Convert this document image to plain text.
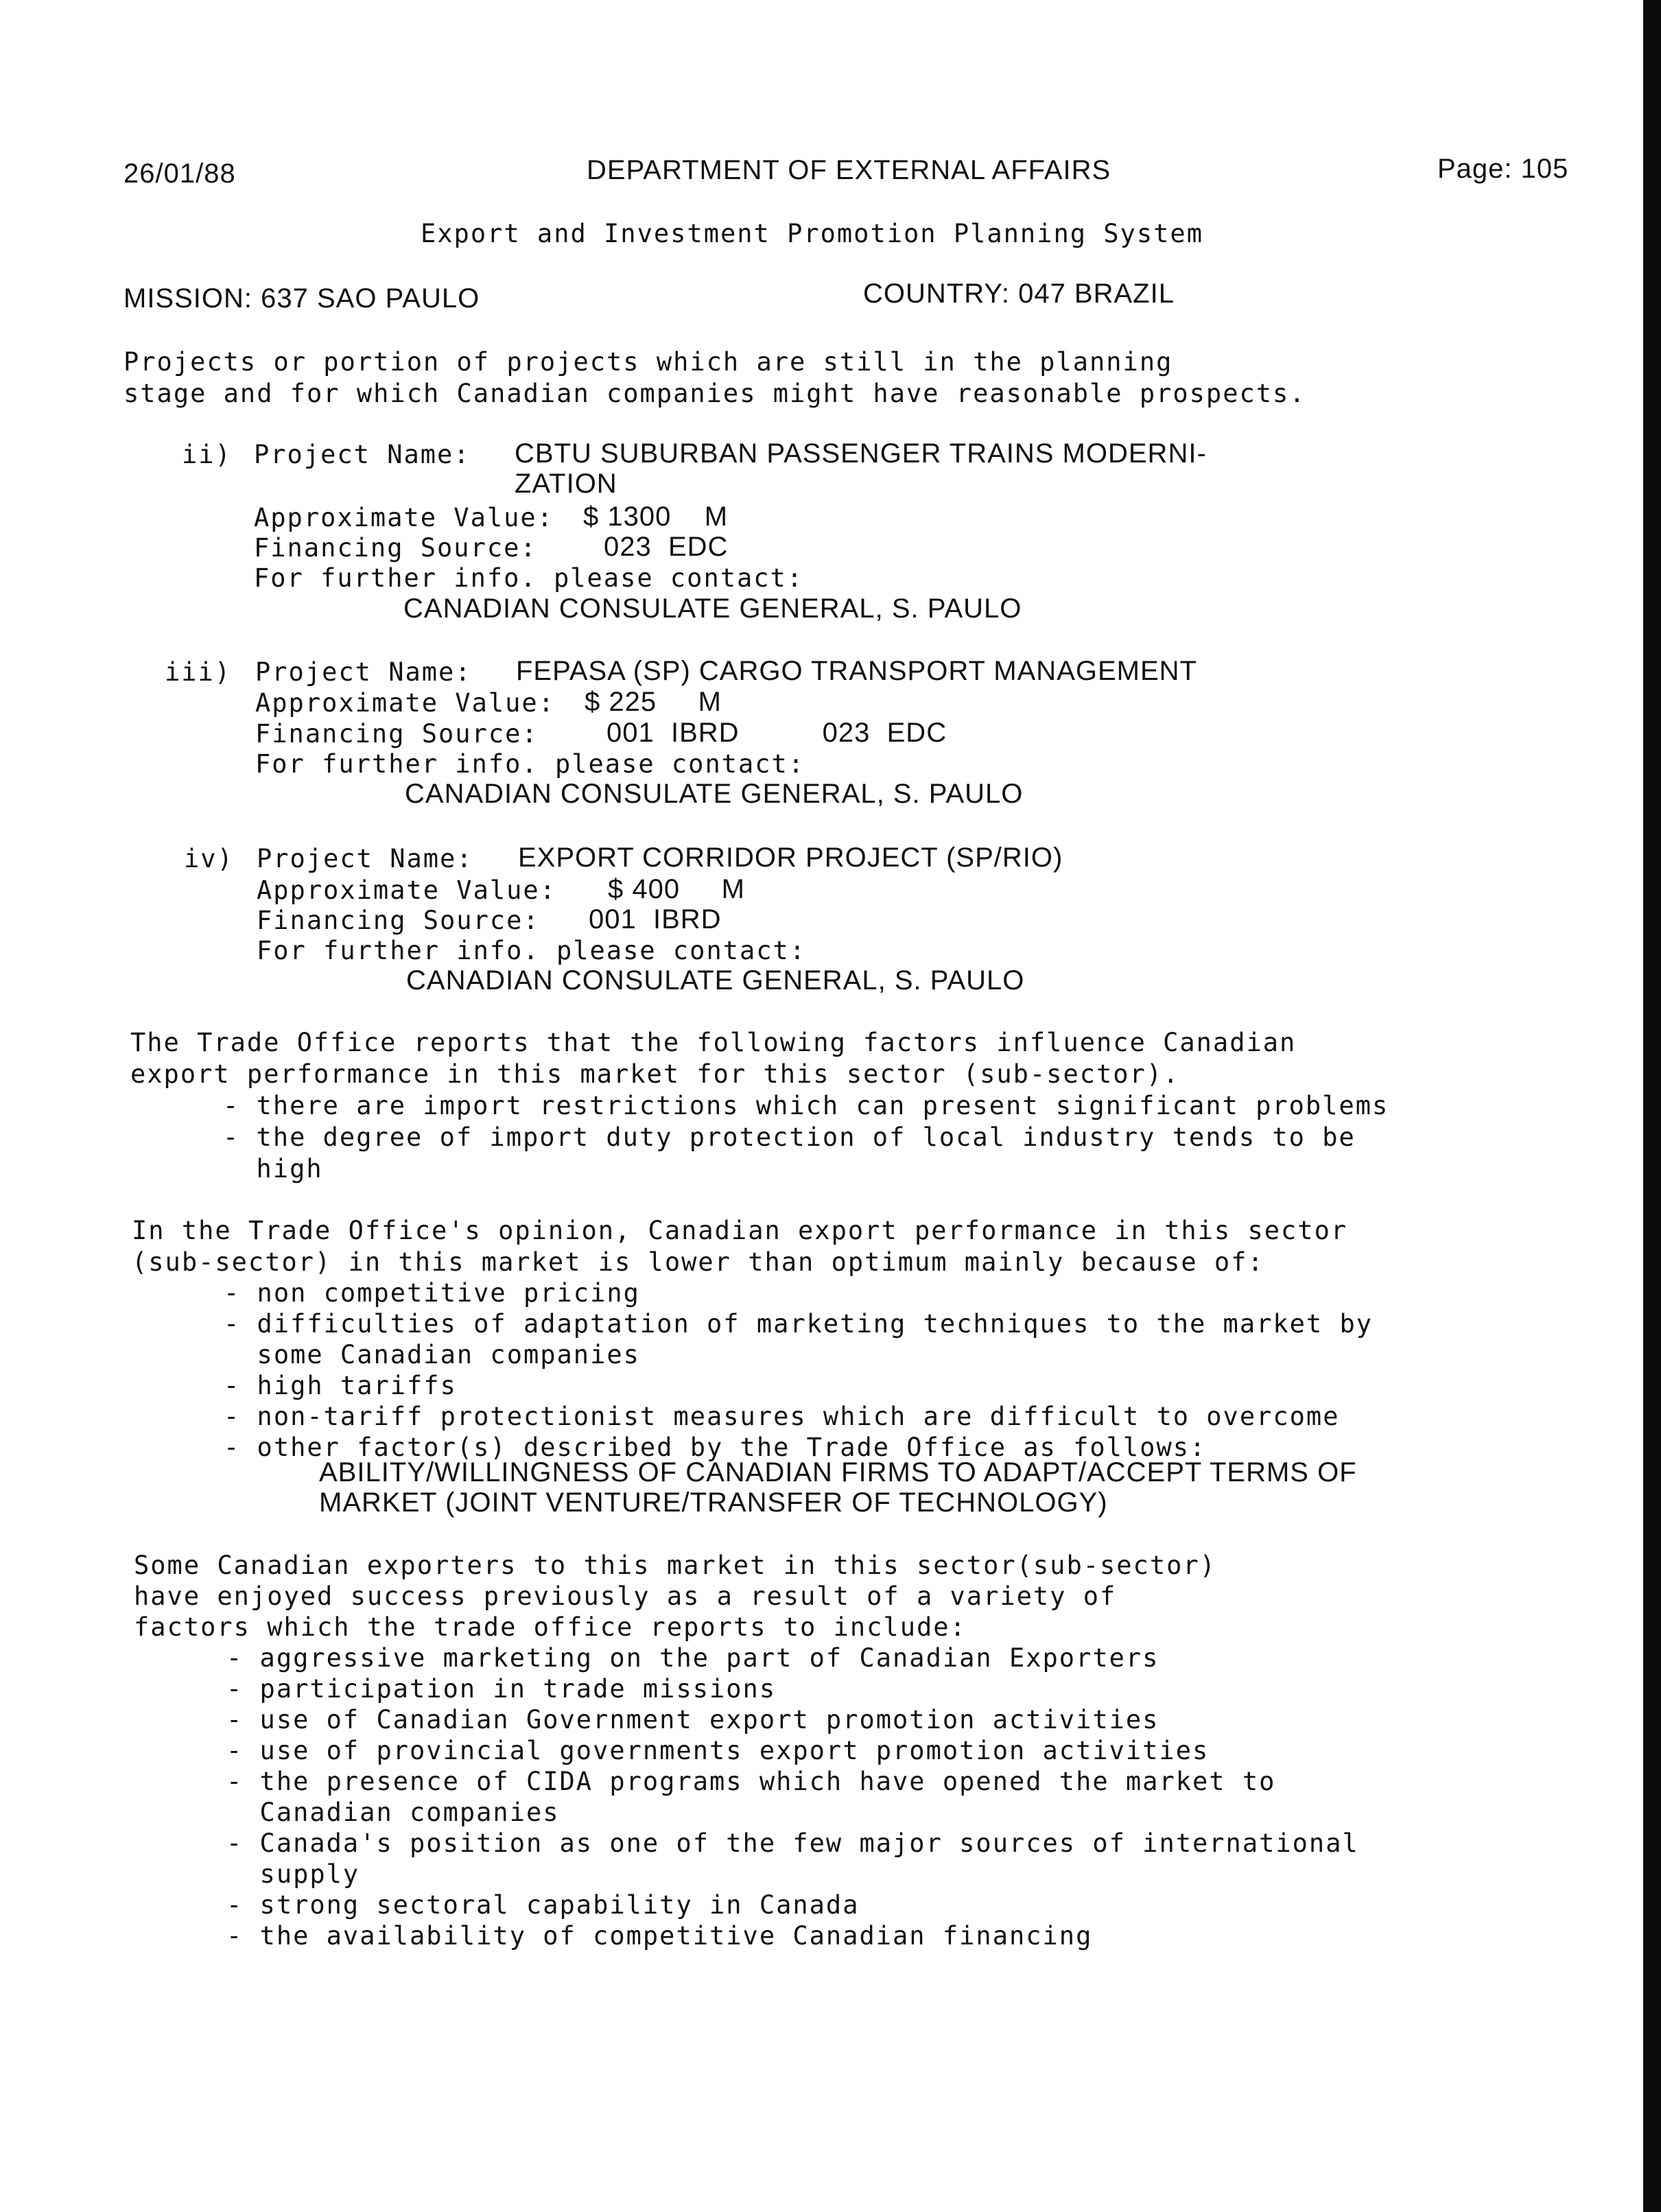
26/01/88	DEPARTMENT OF EXTERNAL AFFAIRS	Page: 105
Export and Investment Promotion Planning System
MISSION: 637 SAO PAULO	COUNTRY: 047 BRAZIL
Projects or portion of projects which are still in the planning
stage and for which Canadian companies might have reasonable prospects.
ii) Project Name: CBTU SUBURBAN PASSENGER TRAINS MODERNI-
ZATION
Approximate Value: $ 1300    M
Financing Source: 023  EDC
For further info. please contact:
CANADIAN CONSULATE GENERAL, S. PAULO
iii) Project Name: FEPASA (SP) CARGO TRANSPORT MANAGEMENT
Approximate Value: $ 225     M
Financing Source: 001  IBRD          023  EDC
For further info. please contact:
CANADIAN CONSULATE GENERAL, S. PAULO
iv) Project Name: EXPORT CORRIDOR PROJECT (SP/RIO)
Approximate Value: $ 400     M
Financing Source: 001  IBRD
For further info. please contact:
CANADIAN CONSULATE GENERAL, S. PAULO
The Trade Office reports that the following factors influence Canadian
export performance in this market for this sector (sub-sector).
- there are import restrictions which can present significant problems
- the degree of import duty protection of local industry tends to be
high
In the Trade Office's opinion, Canadian export performance in this sector
(sub-sector) in this market is lower than optimum mainly because of:
- non competitive pricing
- difficulties of adaptation of marketing techniques to the market by
some Canadian companies
- high tariffs
- non-tariff protectionist measures which are difficult to overcome
- other factor(s) described by the Trade Office as follows:
ABILITY/WILLINGNESS OF CANADIAN FIRMS TO ADAPT/ACCEPT TERMS OF
MARKET (JOINT VENTURE/TRANSFER OF TECHNOLOGY)
Some Canadian exporters to this market in this sector(sub-sector)
have enjoyed success previously as a result of a variety of
factors which the trade office reports to include:
- aggressive marketing on the part of Canadian Exporters
- participation in trade missions
- use of Canadian Government export promotion activities
- use of provincial governments export promotion activities
- the presence of CIDA programs which have opened the market to
Canadian companies
- Canada's position as one of the few major sources of international
supply
- strong sectoral capability in Canada
- the availability of competitive Canadian financing
